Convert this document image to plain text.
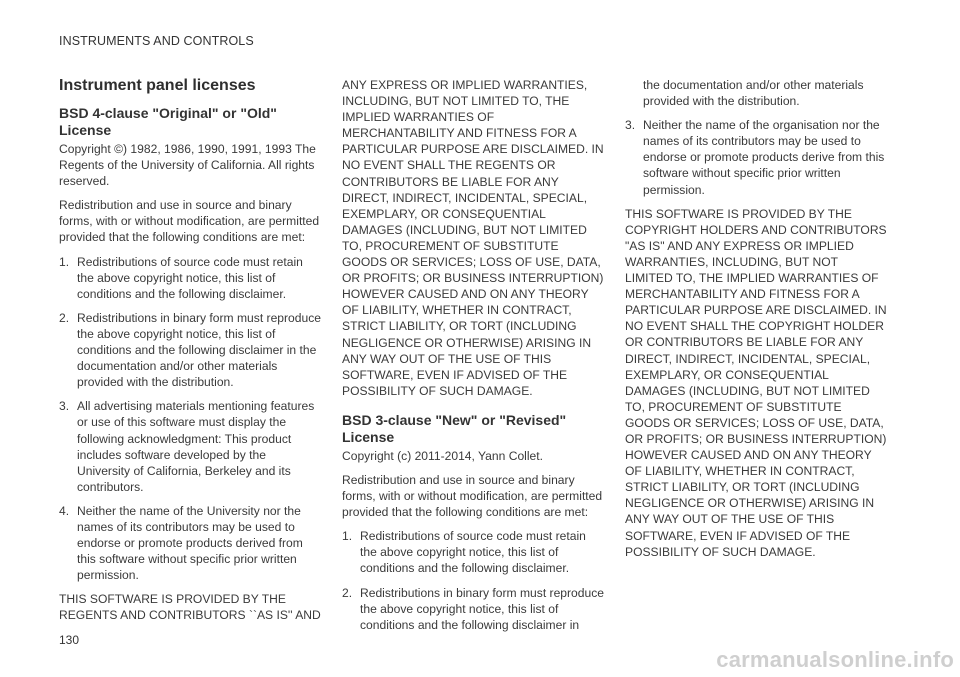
INSTRUMENTS AND CONTROLS
Instrument panel licenses
BSD 4-clause "Original" or "Old" License

Copyright ©) 1982, 1986, 1990, 1991, 1993 The Regents of the University of California. All rights reserved.

Redistribution and use in source and binary forms, with or without modification, are permitted provided that the following conditions are met:

1. Redistributions of source code must retain the above copyright notice, this list of conditions and the following disclaimer.
2. Redistributions in binary form must reproduce the above copyright notice, this list of conditions and the following disclaimer in the documentation and/or other materials provided with the distribution.
3. All advertising materials mentioning features or use of this software must display the following acknowledgment: This product includes software developed by the University of California, Berkeley and its contributors.
4. Neither the name of the University nor the names of its contributors may be used to endorse or promote products derived from this software without specific prior written permission.

THIS SOFTWARE IS PROVIDED BY THE REGENTS AND CONTRIBUTORS ``AS IS'' AND

ANY EXPRESS OR IMPLIED WARRANTIES, INCLUDING, BUT NOT LIMITED TO, THE IMPLIED WARRANTIES OF MERCHANTABILITY AND FITNESS FOR A PARTICULAR PURPOSE ARE DISCLAIMED. IN NO EVENT SHALL THE REGENTS OR CONTRIBUTORS BE LIABLE FOR ANY DIRECT, INDIRECT, INCIDENTAL, SPECIAL, EXEMPLARY, OR CONSEQUENTIAL DAMAGES (INCLUDING, BUT NOT LIMITED TO, PROCUREMENT OF SUBSTITUTE GOODS OR SERVICES; LOSS OF USE, DATA, OR PROFITS; OR BUSINESS INTERRUPTION) HOWEVER CAUSED AND ON ANY THEORY OF LIABILITY, WHETHER IN CONTRACT, STRICT LIABILITY, OR TORT (INCLUDING NEGLIGENCE OR OTHERWISE) ARISING IN ANY WAY OUT OF THE USE OF THIS SOFTWARE, EVEN IF ADVISED OF THE POSSIBILITY OF SUCH DAMAGE.

BSD 3-clause "New" or "Revised" License

Copyright (c) 2011-2014, Yann Collet.

Redistribution and use in source and binary forms, with or without modification, are permitted provided that the following conditions are met:

1. Redistributions of source code must retain the above copyright notice, this list of conditions and the following disclaimer.
2. Redistributions in binary form must reproduce the above copyright notice, this list of conditions and the following disclaimer in

the documentation and/or other materials provided with the distribution.

3. Neither the name of the organisation nor the names of its contributors may be used to endorse or promote products derive from this software without specific prior written permission.

THIS SOFTWARE IS PROVIDED BY THE COPYRIGHT HOLDERS AND CONTRIBUTORS "AS IS" AND ANY EXPRESS OR IMPLIED WARRANTIES, INCLUDING, BUT NOT LIMITED TO, THE IMPLIED WARRANTIES OF MERCHANTABILITY AND FITNESS FOR A PARTICULAR PURPOSE ARE DISCLAIMED. IN NO EVENT SHALL THE COPYRIGHT HOLDER OR CONTRIBUTORS BE LIABLE FOR ANY DIRECT, INDIRECT, INCIDENTAL, SPECIAL, EXEMPLARY, OR CONSEQUENTIAL DAMAGES (INCLUDING, BUT NOT LIMITED TO, PROCUREMENT OF SUBSTITUTE GOODS OR SERVICES; LOSS OF USE, DATA, OR PROFITS; OR BUSINESS INTERRUPTION) HOWEVER CAUSED AND ON ANY THEORY OF LIABILITY, WHETHER IN CONTRACT, STRICT LIABILITY, OR TORT (INCLUDING NEGLIGENCE OR OTHERWISE) ARISING IN ANY WAY OUT OF THE USE OF THIS SOFTWARE, EVEN IF ADVISED OF THE POSSIBILITY OF SUCH DAMAGE.

130
carmanualsonline.info
